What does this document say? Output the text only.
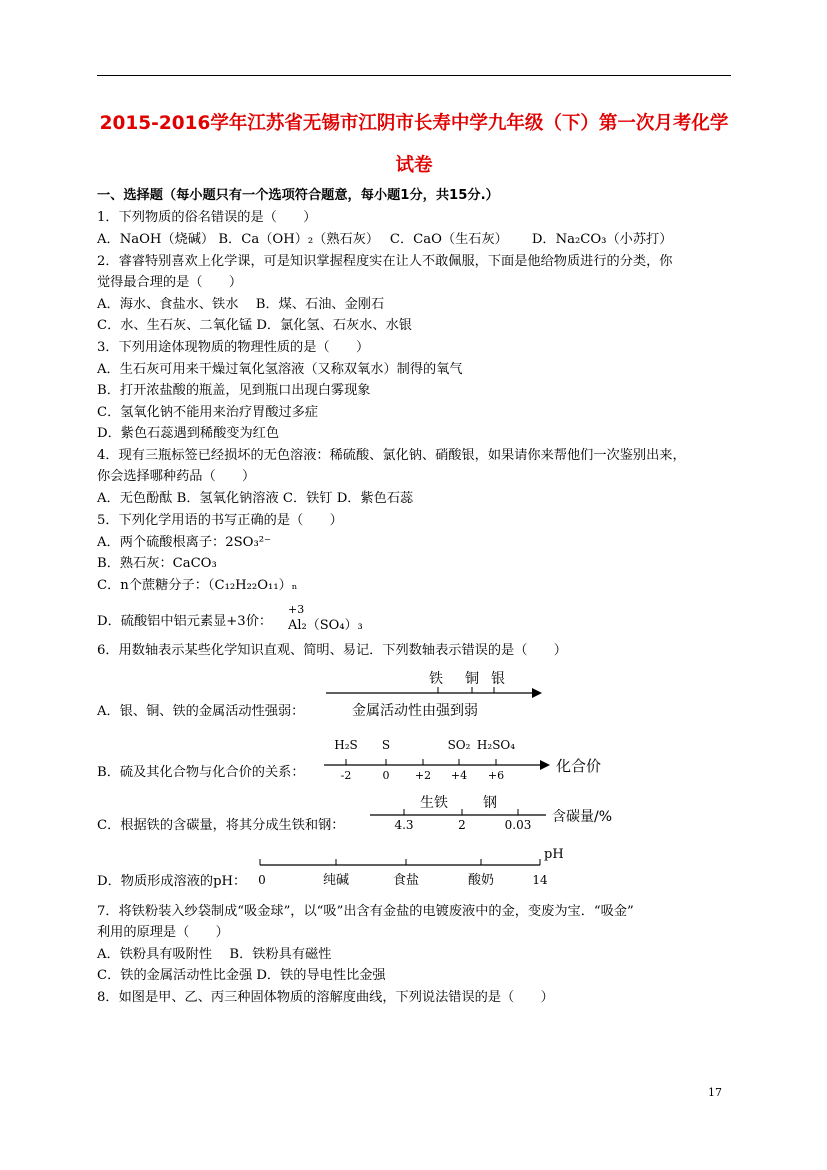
2015-2016学年江苏省无锡市江阴市长寿中学九年级（下）第一次月考化学
试卷
一、选择题（每小题只有一个选项符合题意，每小题1分，共15分.）
1．下列物质的俗名错误的是（　　）
A．NaOH（烧碱） B．Ca（OH）₂（熟石灰）　 C．CaO（生石灰）　　 D．Na₂CO₃（小苏打）
2．睿睿特别喜欢上化学课，可是知识掌握程度实在让人不敢佩服，下面是他给物质进行的分类，你
觉得最合理的是（　　）
A．海水、食盐水、铁水　 B．煤、石油、金刚石
C．水、生石灰、二氧化锰 D．氯化氢、石灰水、水银
3．下列用途体现物质的物理性质的是（　　）
A．生石灰可用来干燥过氧化氢溶液（又称双氧水）制得的氧气
B．打开浓盐酸的瓶盖，见到瓶口出现白雾现象
C．氢氧化钠不能用来治疗胃酸过多症
D．紫色石蕊遇到稀酸变为红色
4．现有三瓶标签已经损坏的无色溶液：稀硫酸、氯化钠、硝酸银，如果请你来帮他们一次鉴别出来，
你会选择哪种药品（　　）
A．无色酚酞 B．氢氧化钠溶液 C．铁钉 D．紫色石蕊
5．下列化学用语的书写正确的是（　　）
A．两个硫酸根离子：2SO₃²⁻
B．熟石灰：CaCO₃
C．n个蔗糖分子：（C₁₂H₂₂O₁₁）ₙ
D．硫酸铝中铝元素显+3价：
+3
Al₂（SO₄）₃
6．用数轴表示某些化学知识直观、简明、易记．下列数轴表示错误的是（　　）
A．银、铜、铁的金属活动性强弱：
铁 铜 银
金属活动性由强到弱
B．硫及其化合物与化合价的关系：
H₂S S	SO₂ H₂SO₄
-2	0 +2 +4 +6
化合价
C．根据铁的含碳量，将其分成生铁和钢：
生铁	钢
4.3	2	0.03 含碳量/%
D．物质形成溶液的pH：
pH
0	纯碱	食盐	酸奶	14
7．将铁粉装入纱袋制成“吸金球”，以“吸”出含有金盐的电镀废液中的金，变废为宝．“吸金”
利用的原理是（　　）
A．铁粉具有吸附性　 B．铁粉具有磁性
C．铁的金属活动性比金强 D．铁的导电性比金强
8．如图是甲、乙、丙三种固体物质的溶解度曲线，下列说法错误的是（　　）
17
